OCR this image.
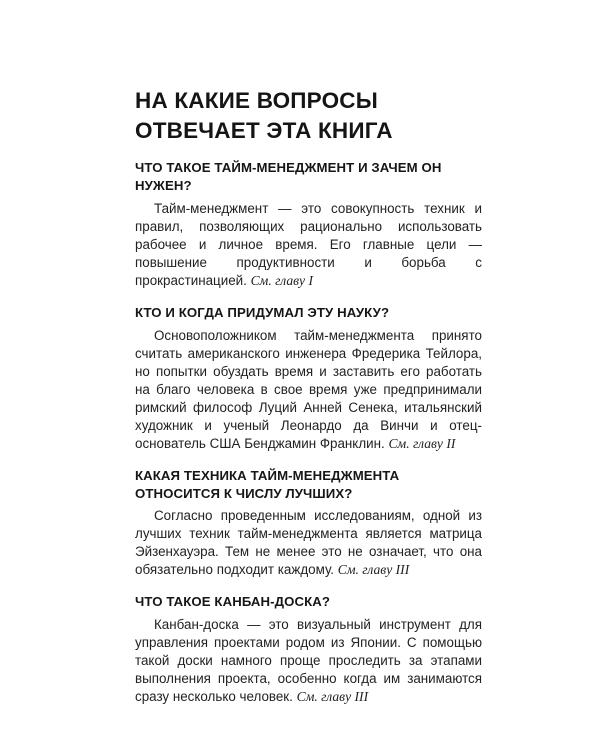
НА КАКИЕ ВОПРОСЫ
ОТВЕЧАЕТ ЭТА КНИГА
ЧТО ТАКОЕ ТАЙМ-МЕНЕДЖМЕНТ И ЗАЧЕМ ОН НУЖЕН?

Тайм-менеджмент — это совокупность техник и правил, позволяющих рационально использовать рабочее и личное время. Его главные цели — повышение продуктивности и борьба с прокрастинацией. См. главу I

КТО И КОГДА ПРИДУМАЛ ЭТУ НАУКУ?

Основоположником тайм-менеджмента принято считать американского инженера Фредерика Тейлора, но попытки обуздать время и заставить его работать на благо человека в свое время уже предпринимали римский философ Луций Анней Сенека, итальянский художник и ученый Леонардо да Винчи и отец-основатель США Бенджамин Франклин. См. главу II

КАКАЯ ТЕХНИКА ТАЙМ-МЕНЕДЖМЕНТА ОТНОСИТСЯ К ЧИСЛУ ЛУЧШИХ?

Согласно проведенным исследованиям, одной из лучших техник тайм-менеджмента является матрица Эйзенхауэра. Тем не менее это не означает, что она обязательно подходит каждому. См. главу III

ЧТО ТАКОЕ КАНБАН-ДОСКА?

Канбан-доска — это визуальный инструмент для управления проектами родом из Японии. С помощью такой доски намного проще проследить за этапами выполнения проекта, особенно когда им занимаются сразу несколько человек. См. главу III
